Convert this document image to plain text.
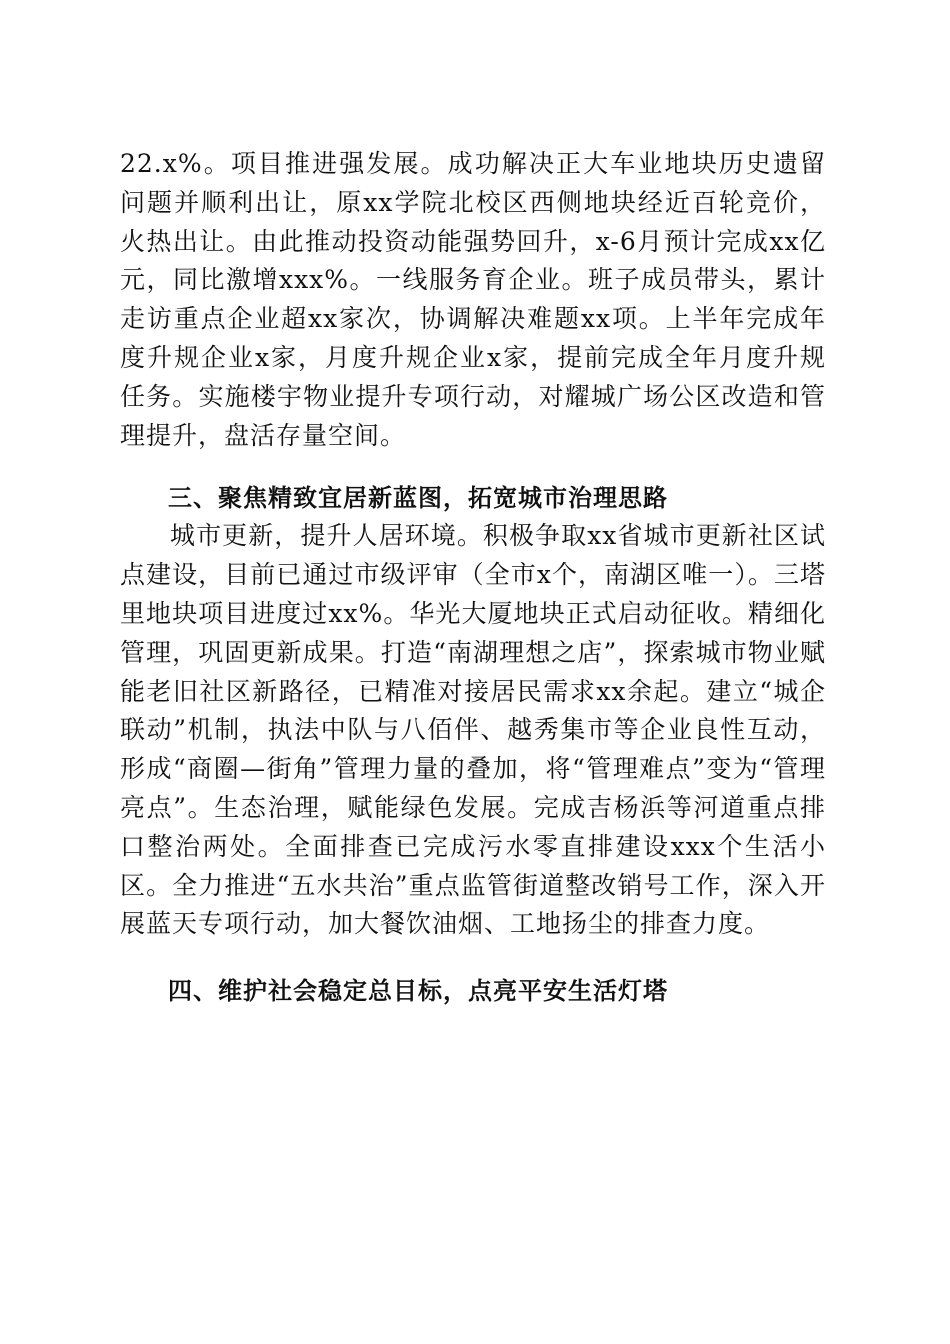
22.x%。项目推进强发展。成功解决正大车业地块历史遗留问题并顺利出让，原xx学院北校区西侧地块经近百轮竞价，火热出让。由此推动投资动能强势回升，x-6月预计完成xx亿元，同比激增xxx%。一线服务育企业。班子成员带头，累计走访重点企业超xx家次，协调解决难题xx项。上半年完成年度升规企业x家，月度升规企业x家，提前完成全年月度升规任务。实施楼宇物业提升专项行动，对耀城广场公区改造和管理提升，盘活存量空间。

三、聚焦精致宜居新蓝图，拓宽城市治理思路

城市更新，提升人居环境。积极争取xx省城市更新社区试点建设，目前已通过市级评审（全市x个，南湖区唯一）。三塔里地块项目进度过xx%。华光大厦地块正式启动征收。精细化管理，巩固更新成果。打造“南湖理想之店”，探索城市物业赋能老旧社区新路径，已精准对接居民需求xx余起。建立“城企联动”机制，执法中队与八佰伴、越秀集市等企业良性互动，形成“商圈—街角”管理力量的叠加，将“管理难点”变为“管理亮点”。生态治理，赋能绿色发展。完成吉杨浜等河道重点排口整治两处。全面排查已完成污水零直排建设xxx个生活小区。全力推进“五水共治”重点监管街道整改销号工作，深入开展蓝天专项行动，加大餐饮油烟、工地扬尘的排查力度。

四、维护社会稳定总目标，点亮平安生活灯塔
